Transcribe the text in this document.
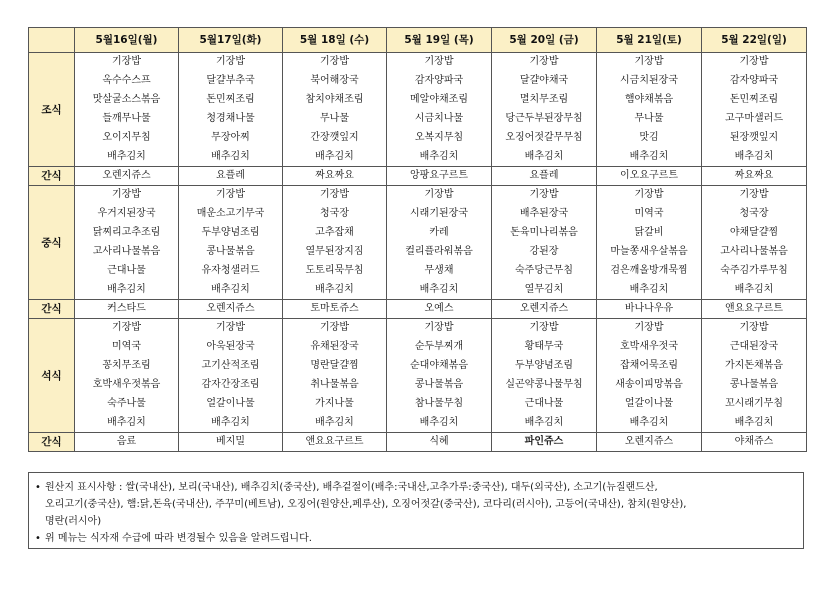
	5월16일(월)	5월17일(화)	5월 18일 (수)	5월 19일 (목)	5월 20일 (금)	5월 21일(토)	5월 22일(일)
조식	기장밥	기장밥	기장밥	기장밥	기장밥	기장밥	기장밥
	옥수수스프	달걀부추국	북어해장국	감자양파국	달걀야채국	시금치된장국	감자양파국
	맛살굴소스볶음	돈민찌조림	참치야채조림	메알야채조림	멸치무조림	햄야채볶음	돈민찌조림
	들깨무나물	청경채나물	무나물	시금치나물	당근두부된장무침	무나물	고구마샐러드
	오이지무침	무장아찌	간장깻잎지	오복지무침	오징어젓갈무무침	맛김	된장깻잎지
	배추김치	배추김치	배추김치	배추김치	배추김치	배추김치	배추김치
간식	오렌지쥬스	요플레	짜요짜요	앙팡요구르트	요플레	이오요구르트	짜요짜요
중식	기장밥	기장밥	기장밥	기장밥	기장밥	기장밥	기장밥
	우거지된장국	매운소고기무국	청국장	시래기된장국	배추된장국	미역국	청국장
	닭찌리고추조림	두부양념조림	고추잡채	카레	돈육미나리볶음	닭갈비	야채달걀찜
	고사리나물볶음	콩나물볶음	열무된장지짐	컬리플라워볶음	강된장	마늘쫑새우살볶음	고사리나물볶음
	근대나물	유자청샐러드	도토리묵무침	무생채	숙주당근무침	검은깨올방개묵찜	숙주김가루무침
	배추김치	배추김치	배추김치	배추김치	열무김치	배추김치	배추김치
간식	커스타드	오렌지쥬스	토마토쥬스	오예스	오렌지쥬스	바나나우유	앤요요구르트
석식	기장밥	기장밥	기장밥	기장밥	기장밥	기장밥	기장밥
	미역국	아욱된장국	유채된장국	순두부찌개	황태무국	호박새우젓국	근대된장국
	꽁치무조림	고기산적조림	명란달걀찜	순대야채볶음	두부양념조림	잡채어묵조림	가지돈채볶음
	호박새우젓볶음	감자간장조림	취나물볶음	콩나물볶음	실곤약콩나물무침	새송이피망볶음	콩나물볶음
	숙주나물	얼갈이나물	가지나물	참나물무침	근대나물	얼갈이나물	꼬시래기무침
	배추김치	배추김치	배추김치	배추김치	배추김치	배추김치	배추김치
간식	음료	베지밀	앤요요구르트	식혜	파인쥬스	오렌지쥬스	야채쥬스
• 원산지 표시사항 : 쌀(국내산), 보리(국내산), 배추김치(중국산), 배추겉절이(배추:국내산,고추가루:중국산), 대두(외국산), 소고기(뉴질랜드산,
오리고기(중국산), 햄:닭,돈육(국내산), 주꾸미(베트남), 오징어(원양산,페루산), 오징어젓갈(중국산), 코다리(러시아), 고등어(국내산), 참치(원양산),
명란(러시아)
• 위 메뉴는 식자재 수급에 따라 변경될수 있음을 알려드립니다.
